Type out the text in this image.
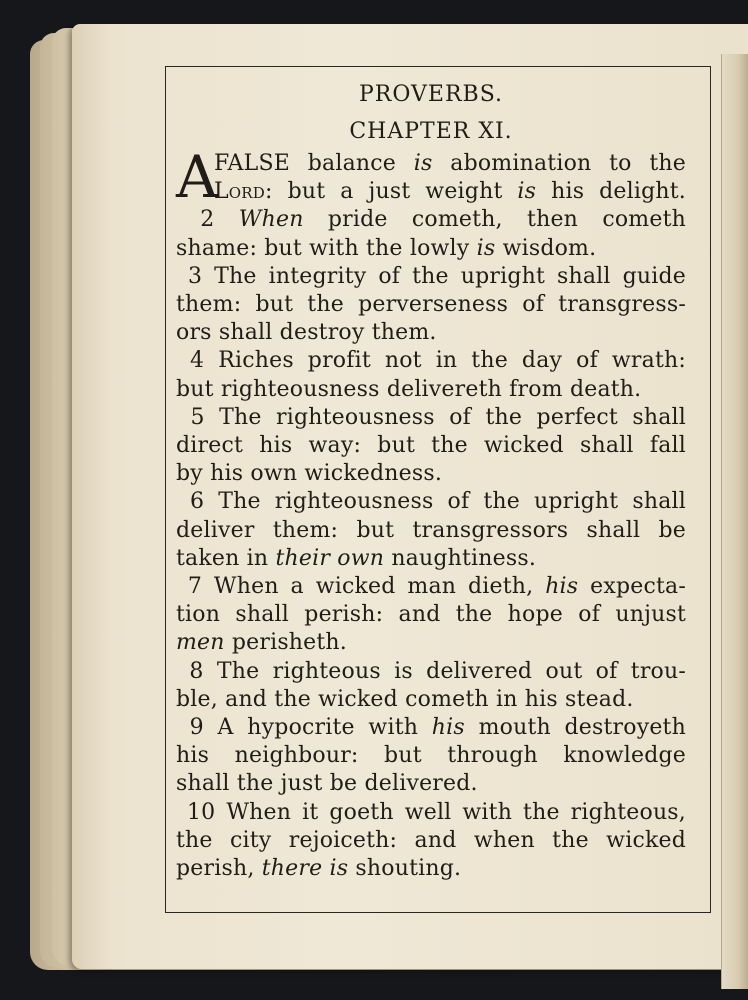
PROVERBS.
CHAPTER XI.
A
FALSE balance is abomination to the
Lord: but a just weight is his delight.
2 When pride cometh, then cometh
shame: but with the lowly is wisdom.
3 The integrity of the upright shall guide
them: but the perverseness of transgress-
ors shall destroy them.
4 Riches profit not in the day of wrath:
but righteousness delivereth from death.
5 The righteousness of the perfect shall
direct his way: but the wicked shall fall
by his own wickedness.
6 The righteousness of the upright shall
deliver them: but transgressors shall be
taken in their own naughtiness.
7 When a wicked man dieth, his expecta-
tion shall perish: and the hope of unjust
men perisheth.
8 The righteous is delivered out of trou-
ble, and the wicked cometh in his stead.
9 A hypocrite with his mouth destroyeth
his neighbour: but through knowledge
shall the just be delivered.
10 When it goeth well with the righteous,
the city rejoiceth: and when the wicked
perish, there is shouting.
